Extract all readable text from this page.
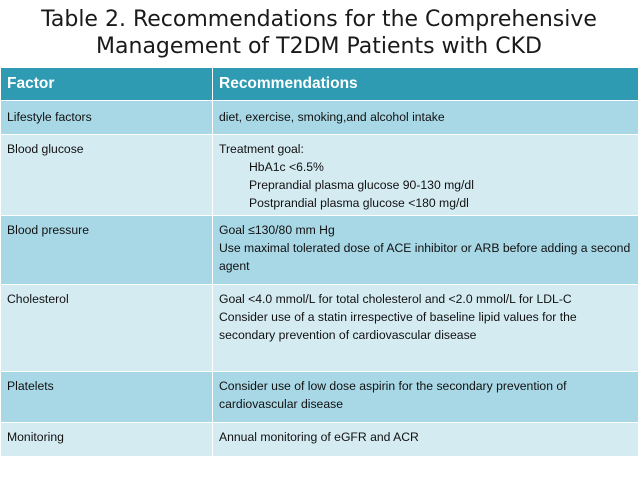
Table 2. Recommendations for the Comprehensive
Management of T2DM Patients with CKD
Factor	Recommendations
Lifestyle factors	diet, exercise, smoking,and alcohol intake

Blood glucose	Treatment goal:
HbA1c <6.5%
Preprandial plasma glucose 90-130 mg/dl
Postprandial plasma glucose <180 mg/dl

Blood pressure	Goal ≤130/80 mm Hg
Use maximal tolerated dose of ACE inhibitor or ARB before adding a second agent

Cholesterol	Goal <4.0 mmol/L for total cholesterol and <2.0 mmol/L for LDL-C
Consider use of a statin irrespective of baseline lipid values for the secondary prevention of cardiovascular disease

Platelets	Consider use of low dose aspirin for the secondary prevention of cardiovascular disease

Monitoring	Annual monitoring of eGFR and ACR
